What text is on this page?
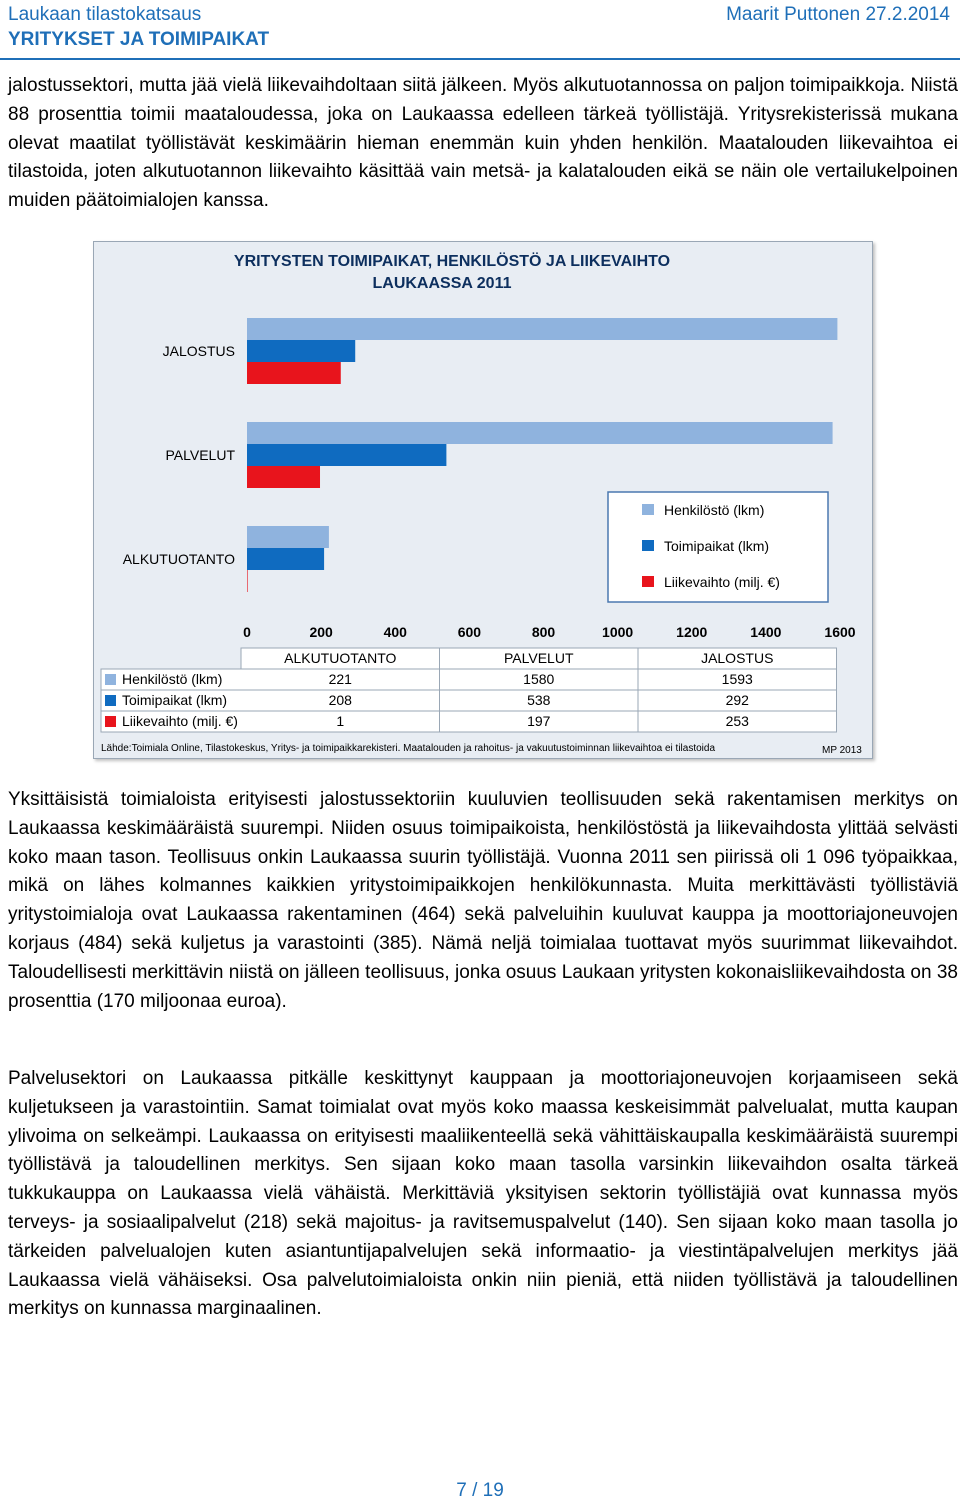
Laukaan tilastokatsaus
YRITYKSET JA TOIMIPAIKAT
Maarit Puttonen 27.2.2014
jalostussektori, mutta jää vielä liikevaihdoltaan siitä jälkeen. Myös alkutuotannossa on paljon toimipaikkoja. Niistä 88 prosenttia toimii maataloudessa, joka on Laukaassa edelleen tärkeä työllistäjä. Yritysrekisterissä mukana olevat maatilat työllistävät keskimäärin hieman enemmän kuin yhden henkilön. Maatalouden liikevaihtoa ei tilastoida, joten alkutuotannon liikevaihto käsittää vain metsä- ja kalatalouden eikä se näin ole vertailukelpoinen muiden päätoimialojen kanssa.
YRITYSTEN TOIMIPAIKAT, HENKILÖSTÖ JA LIIKEVAIHTO
LAUKAASSA 2011
JALOSTUS
PALVELUT
ALKUTUOTANTO
0	200	400	600	800	1000	1200	1400	1600
Henkilöstö (lkm)
Toimipaikat (lkm)
Liikevaihto (milj. €)
ALKUTUOTANTO	PALVELUT	JALOSTUS
Henkilöstö (lkm)	221	1580	1593
Toimipaikat (lkm)	208	538	292
Liikevaihto (milj. €)	1	197	253
Lähde:Toimiala Online, Tilastokeskus, Yritys- ja toimipaikkarekisteri. Maatalouden ja rahoitus- ja vakuutustoiminnan liikevaihtoa ei tilastoida	MP 2013
Yksittäisistä toimialoista erityisesti jalostussektoriin kuuluvien teollisuuden sekä rakentamisen merkitys on Laukaassa keskimääräistä suurempi. Niiden osuus toimipaikoista, henkilöstöstä ja liikevaihdosta ylittää selvästi koko maan tason. Teollisuus onkin Laukaassa suurin työllistäjä. Vuonna 2011 sen piirissä oli 1 096 työpaikkaa, mikä on lähes kolmannes kaikkien yritystoimipaikkojen henkilökunnasta. Muita merkittävästi työllistäviä yritystoimialoja ovat Laukaassa rakentaminen (464) sekä palveluihin kuuluvat kauppa ja moottoriajoneuvojen korjaus (484) sekä kuljetus ja varastointi (385). Nämä neljä toimialaa tuottavat myös suurimmat liikevaihdot. Taloudellisesti merkittävin niistä on jälleen teollisuus, jonka osuus Laukaan yritysten kokonaisliikevaihdosta on 38 prosenttia (170 miljoonaa euroa).
Palvelusektori on Laukaassa pitkälle keskittynyt kauppaan ja moottoriajoneuvojen korjaamiseen sekä kuljetukseen ja varastointiin. Samat toimialat ovat myös koko maassa keskeisimmät palvelualat, mutta kaupan ylivoima on selkeämpi. Laukaassa on erityisesti maaliikenteellä sekä vähittäiskaupalla keskimääräistä suurempi työllistävä ja taloudellinen merkitys. Sen sijaan koko maan tasolla varsinkin liikevaihdon osalta tärkeä tukkukauppa on Laukaassa vielä vähäistä. Merkittäviä yksityisen sektorin työllistäjiä ovat kunnassa myös terveys- ja sosiaalipalvelut (218) sekä majoitus- ja ravitsemuspalvelut (140). Sen sijaan koko maan tasolla jo tärkeiden palvelualojen kuten asiantuntijapalvelujen sekä informaatio- ja viestintäpalvelujen merkitys jää Laukaassa vielä vähäiseksi. Osa palvelutoimialoista onkin niin pieniä, että niiden työllistävä ja taloudellinen merkitys on kunnassa marginaalinen.
7 / 19
